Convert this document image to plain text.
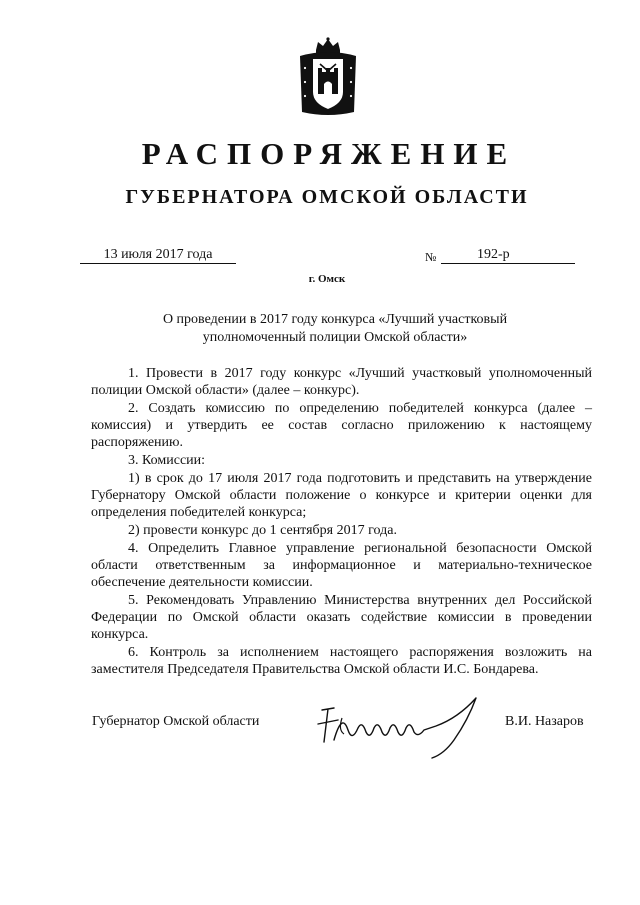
РАСПОРЯЖЕНИЕ
ГУБЕРНАТОРА ОМСКОЙ ОБЛАСТИ
13 июля 2017 года	№	192-р
г. Омск
О проведении в 2017 году конкурса «Лучший участковый
уполномоченный полиции Омской области»

1. Провести в 2017 году конкурс «Лучший участковый уполномоченный полиции Омской области» (далее – конкурс).

2. Создать комиссию по определению победителей конкурса (далее – комиссия) и утвердить ее состав согласно приложению к настоящему распоряжению.

3. Комиссии:

1) в срок до 17 июля 2017 года подготовить и представить на утверждение Губернатору Омской области положение о конкурсе и критерии оценки для определения победителей конкурса;

2) провести конкурс до 1 сентября 2017 года.

4. Определить Главное управление региональной безопасности Омской области ответственным за информационное и материально-техническое обеспечение деятельности комиссии.

5. Рекомендовать Управлению Министерства внутренних дел Российской Федерации по Омской области оказать содействие комиссии в проведении конкурса.

6. Контроль за исполнением настоящего распоряжения возложить на заместителя Председателя Правительства Омской области И.С. Бондарева.

Губернатор Омской области	В.И. Назаров
